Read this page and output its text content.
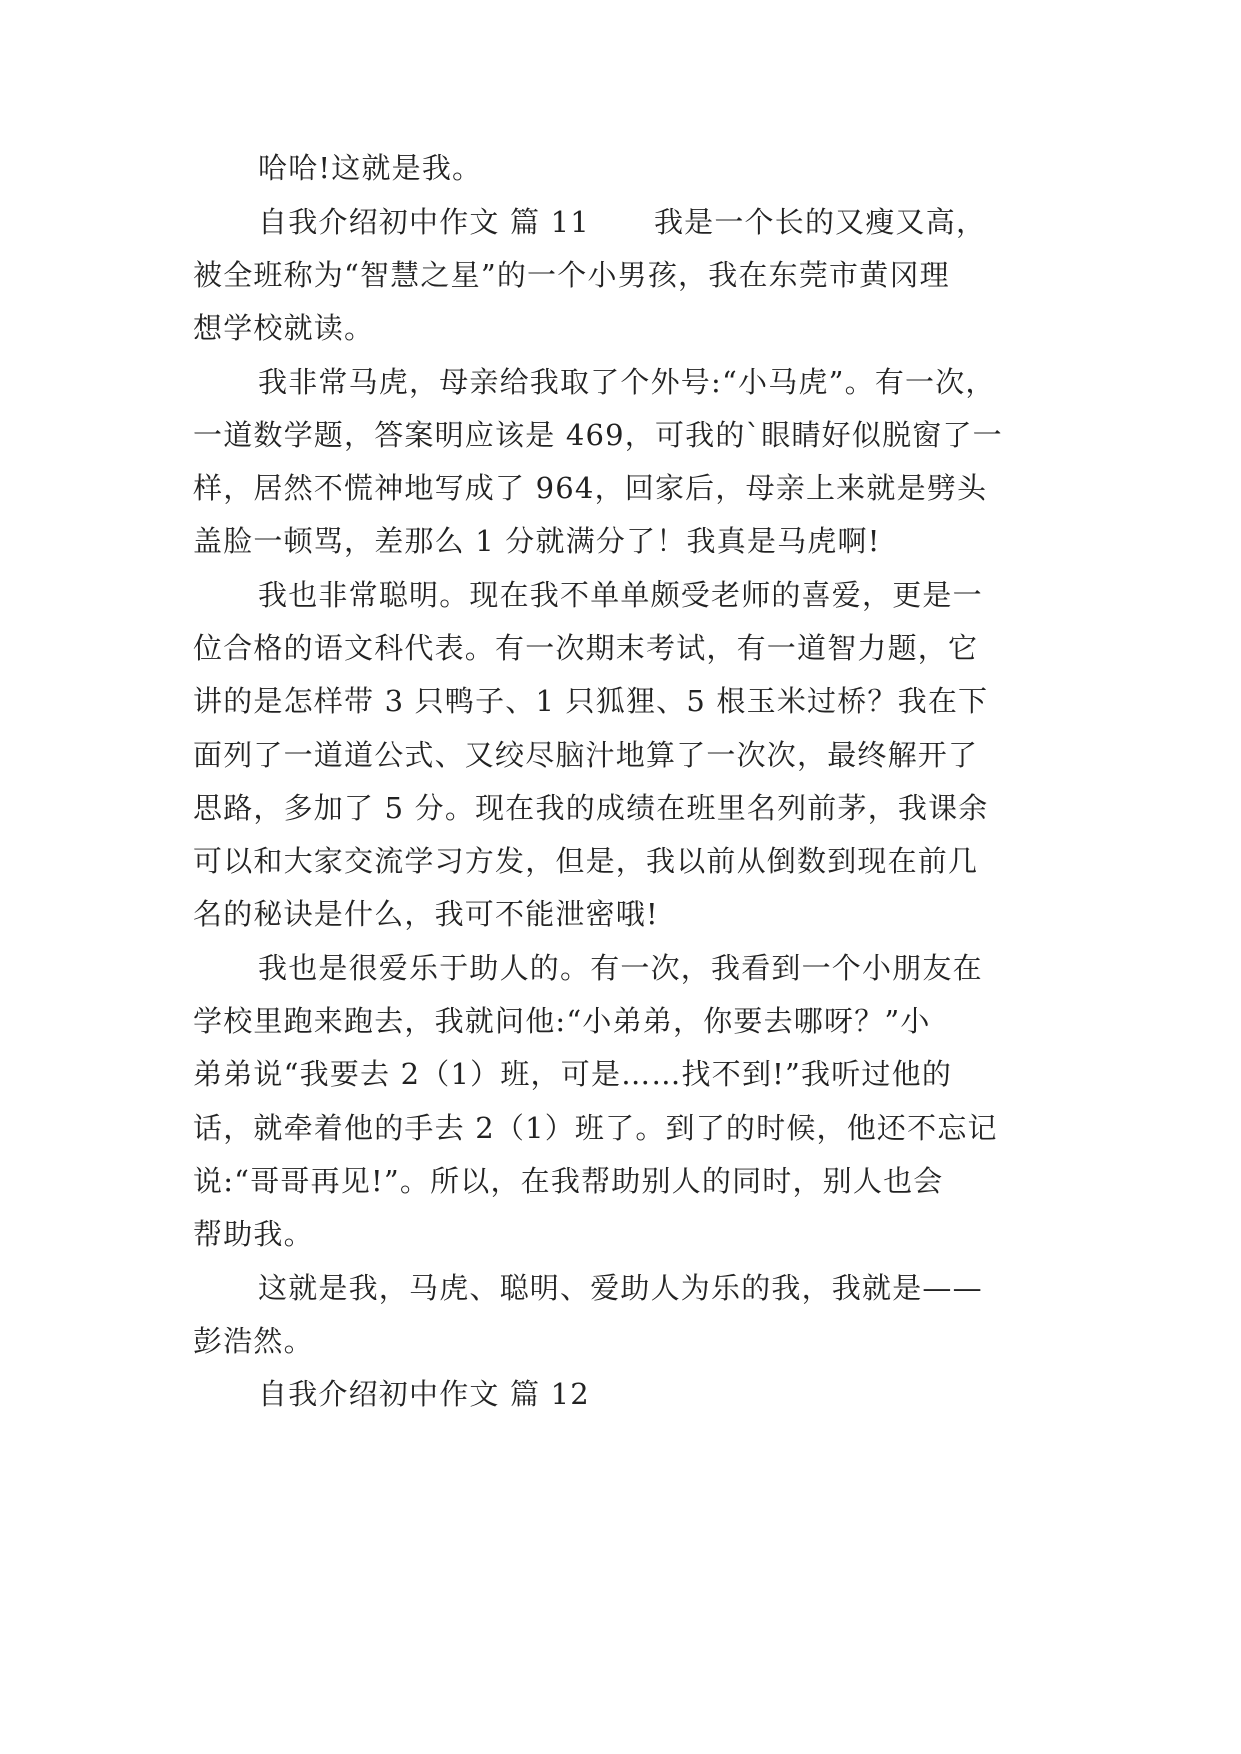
哈哈!这就是我。
自我介绍初中作文 篇 11 我是一个长的又瘦又高，
被全班称为“智慧之星”的一个小男孩，我在东莞市黄冈理
想学校就读。
我非常马虎，母亲给我取了个外号:“小马虎”。有一次，
一道数学题，答案明应该是 469，可我的`眼睛好似脱窗了一
样，居然不慌神地写成了 964，回家后，母亲上来就是劈头
盖脸一顿骂，差那么 1 分就满分了！我真是马虎啊!
我也非常聪明。现在我不单单颇受老师的喜爱，更是一
位合格的语文科代表。有一次期末考试，有一道智力题，它
讲的是怎样带 3 只鸭子、1 只狐狸、5 根玉米过桥？我在下
面列了一道道公式、又绞尽脑汁地算了一次次，最终解开了
思路，多加了 5 分。现在我的成绩在班里名列前茅，我课余
可以和大家交流学习方发，但是，我以前从倒数到现在前几
名的秘诀是什么，我可不能泄密哦!
我也是很爱乐于助人的。有一次，我看到一个小朋友在
学校里跑来跑去，我就问他:“小弟弟，你要去哪呀？”小
弟弟说“我要去 2（1）班，可是……找不到!”我听过他的
话，就牵着他的手去 2（1）班了。到了的时候，他还不忘记
说:“哥哥再见!”。所以，在我帮助别人的同时，别人也会
帮助我。
这就是我，马虎、聪明、爱助人为乐的我，我就是——
彭浩然。
自我介绍初中作文 篇 12
